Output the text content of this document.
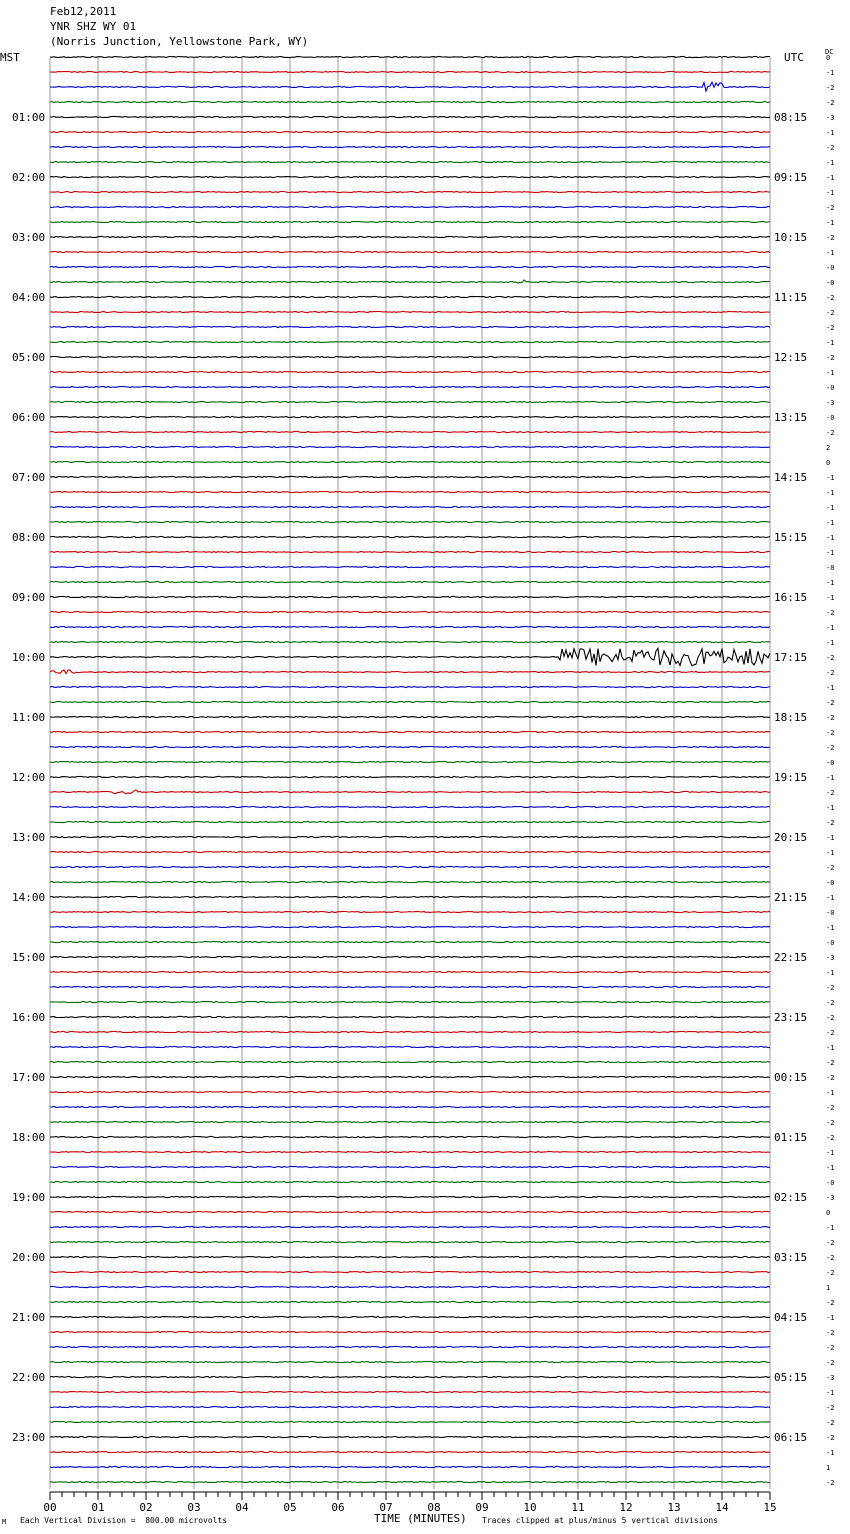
Feb12,2011
YNR SHZ WY 01
(Norris Junction, Yellowstone Park, WY)
MST	UTC	DC
0
-1
-2
-2
-3
-1
-2
-1
-1
-1
-2
-1
-2
-1
-0
-0
-2
-2
-2
-1
-2
-1
-0
-3
-0
-2
2
0
-1
-1
-1
-1
-1
-1
-0
-1
-1
-2
-1
-1
-2
-2
-1
-2
-2
-2
-2
-0
-1
-2
-1
-2
-1
-1
-2
-0
-1
-0
-1
-0
-3
-1
-2
-2
-2
-2
-1
-2
-2
-1
-2
-2
-2
-1
-1
-0
-3
0
-1
-2
-2
-2
1
-2
-1
-2
-2
-2
-3
-1
-2
-2
-2
-1
1
-2
01:00
02:00
03:00
04:00
05:00
06:00
07:00
08:00
09:00
10:00
11:00
12:00
13:00
14:00
15:00
16:00
17:00
18:00
19:00
20:00
21:00
22:00
23:00
08:15
09:15
10:15
11:15
12:15
13:15
14:15
15:15
16:15
17:15
18:15
19:15
20:15
21:15
22:15
23:15
00:15
01:15
02:15
03:15
04:15
05:15
06:15
00	01	02	03	04	05	06	07	08	09	10	11	12	13	14	15
M Each Vertical Division =  800.00 microvolts	TIME (MINUTES) Traces clipped at plus/minus 5 vertical divisions
